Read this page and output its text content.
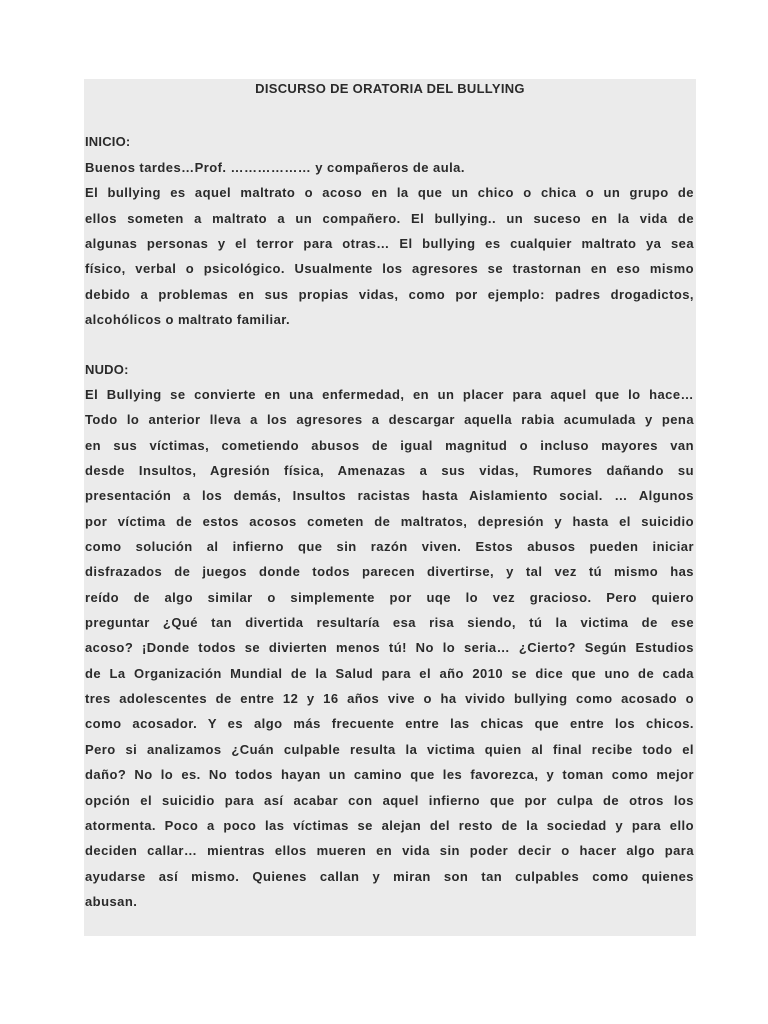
DISCURSO DE ORATORIA DEL BULLYING
INICIO:
Buenos tardes…Prof. ……………… y compañeros de aula.
El bullying es aquel maltrato o acoso en la que un chico o chica o un grupo de
ellos someten a maltrato a un compañero. El bullying.. un suceso en la vida de
algunas personas y el terror para otras… El bullying es cualquier maltrato ya sea
físico, verbal o psicológico. Usualmente los agresores se trastornan en eso mismo
debido a problemas en sus propias vidas, como por ejemplo: padres drogadictos,
alcohólicos o maltrato familiar.
NUDO:
El Bullying se convierte en una enfermedad, en un placer para aquel que lo hace…
Todo lo anterior lleva a los agresores a descargar aquella rabia acumulada y pena
en sus víctimas, cometiendo abusos de igual magnitud o incluso mayores van
desde Insultos, Agresión física, Amenazas a sus vidas, Rumores dañando su
presentación a los demás, Insultos racistas hasta Aislamiento social. … Algunos
por víctima de estos acosos cometen de maltratos, depresión y hasta el suicidio
como solución al infierno que sin razón viven. Estos abusos pueden iniciar
disfrazados de juegos donde todos parecen divertirse, y tal vez tú mismo has
reído de algo similar o simplemente por uqe lo vez gracioso. Pero quiero
preguntar ¿Qué tan divertida resultaría esa risa siendo, tú la victima de ese
acoso? ¡Donde todos se divierten menos tú! No lo seria… ¿Cierto? Según Estudios
de La Organización Mundial de la Salud para el año 2010 se dice que uno de cada
tres adolescentes de entre 12 y 16 años vive o ha vivido bullying como acosado o
como acosador. Y es algo más frecuente entre las chicas que entre los chicos.
Pero si analizamos ¿Cuán culpable resulta la victima quien al final recibe todo el
daño? No lo es. No todos hayan un camino que les favorezca, y toman como mejor
opción el suicidio para así acabar con aquel infierno que por culpa de otros los
atormenta. Poco a poco las víctimas se alejan del resto de la sociedad y para ello
deciden callar… mientras ellos mueren en vida sin poder decir o hacer algo para
ayudarse así mismo. Quienes callan y miran son tan culpables como quienes
abusan.
